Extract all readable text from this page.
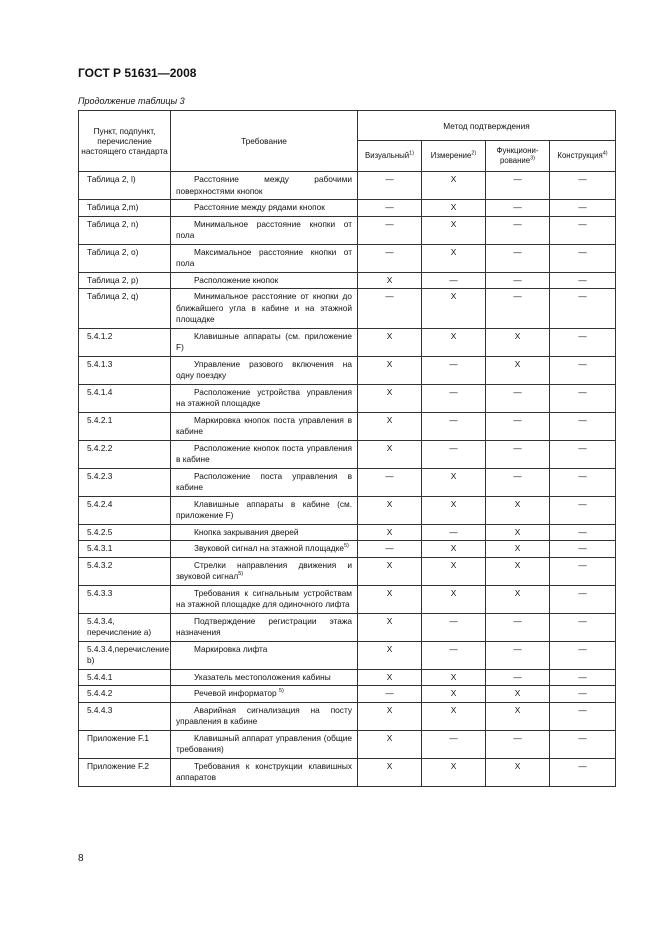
ГОСТ Р 51631—2008
Продолжение таблицы 3
Пункт, подпункт, перечисление настоящего стандарта	Требование	Метод подтверждения			
		Визуальный$^{1)}$	Измерение$^{2)}$	Функциони-рование$^{3)}$	Конструкция$^{4)}$
Таблица 2, l)	Расстояние между рабочими поверхностями кнопок	—	X	—	—
Таблица 2,m)	Расстояние между рядами кнопок	—	X	—	—
Таблица 2, n)	Минимальное расстояние кнопки от пола	—	X	—	—
Таблица 2, o)	Максимальное расстояние кнопки от пола	—	X	—	—
Таблица 2, p)	Расположение кнопок	X	—	—	—
Таблица 2, q)	Минимальное расстояние от кнопки до ближайшего угла в кабине и на этажной площадке	—	X	—	—
5.4.1.2	Клавишные аппараты (см. приложение F)	X	X	X	—
5.4.1.3	Управление разового включения на одну поездку	X	—	X	—
5.4.1.4	Расположение устройства управления на этажной площадке	X	—	—	—
5.4.2.1	Маркировка кнопок поста управления в кабине	X	—	—	—
5.4.2.2	Расположение кнопок поста управления в кабине	X	—	—	—
5.4.2.3	Расположение поста управления в кабине	—	X	—	—
5.4.2.4	Клавишные аппараты в кабине (см. приложение F)	X	X	X	—
5.4.2.5	Кнопка закрывания дверей	X	—	X	—
5.4.3.1	Звуковой сигнал на этажной площадке$^{5)}$	—	X	X	—
5.4.3.2	Стрелки направления движения и звуковой сигнал$^{5)}$	X	X	X	—
5.4.3.3	Требования к сигнальным устройствам на этажной площадке для одиночного лифта	X	X	X	—
5.4.3.4, перечисление a)	Подтверждение регистрации этажа назначения	X	—	—	—
5.4.3.4,перечисление b)	Маркировка лифта	X	—	—	—
5.4.4.1	Указатель местоположения кабины	X	X	—	—
5.4.4.2	Речевой информатор $^{5)}$	—	X	X	—
5.4.4.3	Аварийная сигнализация на посту управления в кабине	X	X	X	—
Приложение F.1	Клавишный аппарат управления (общие требования)	X	—	—	—
Приложение F.2	Требования к конструкции клавишных аппаратов	X	X	X	—
8
